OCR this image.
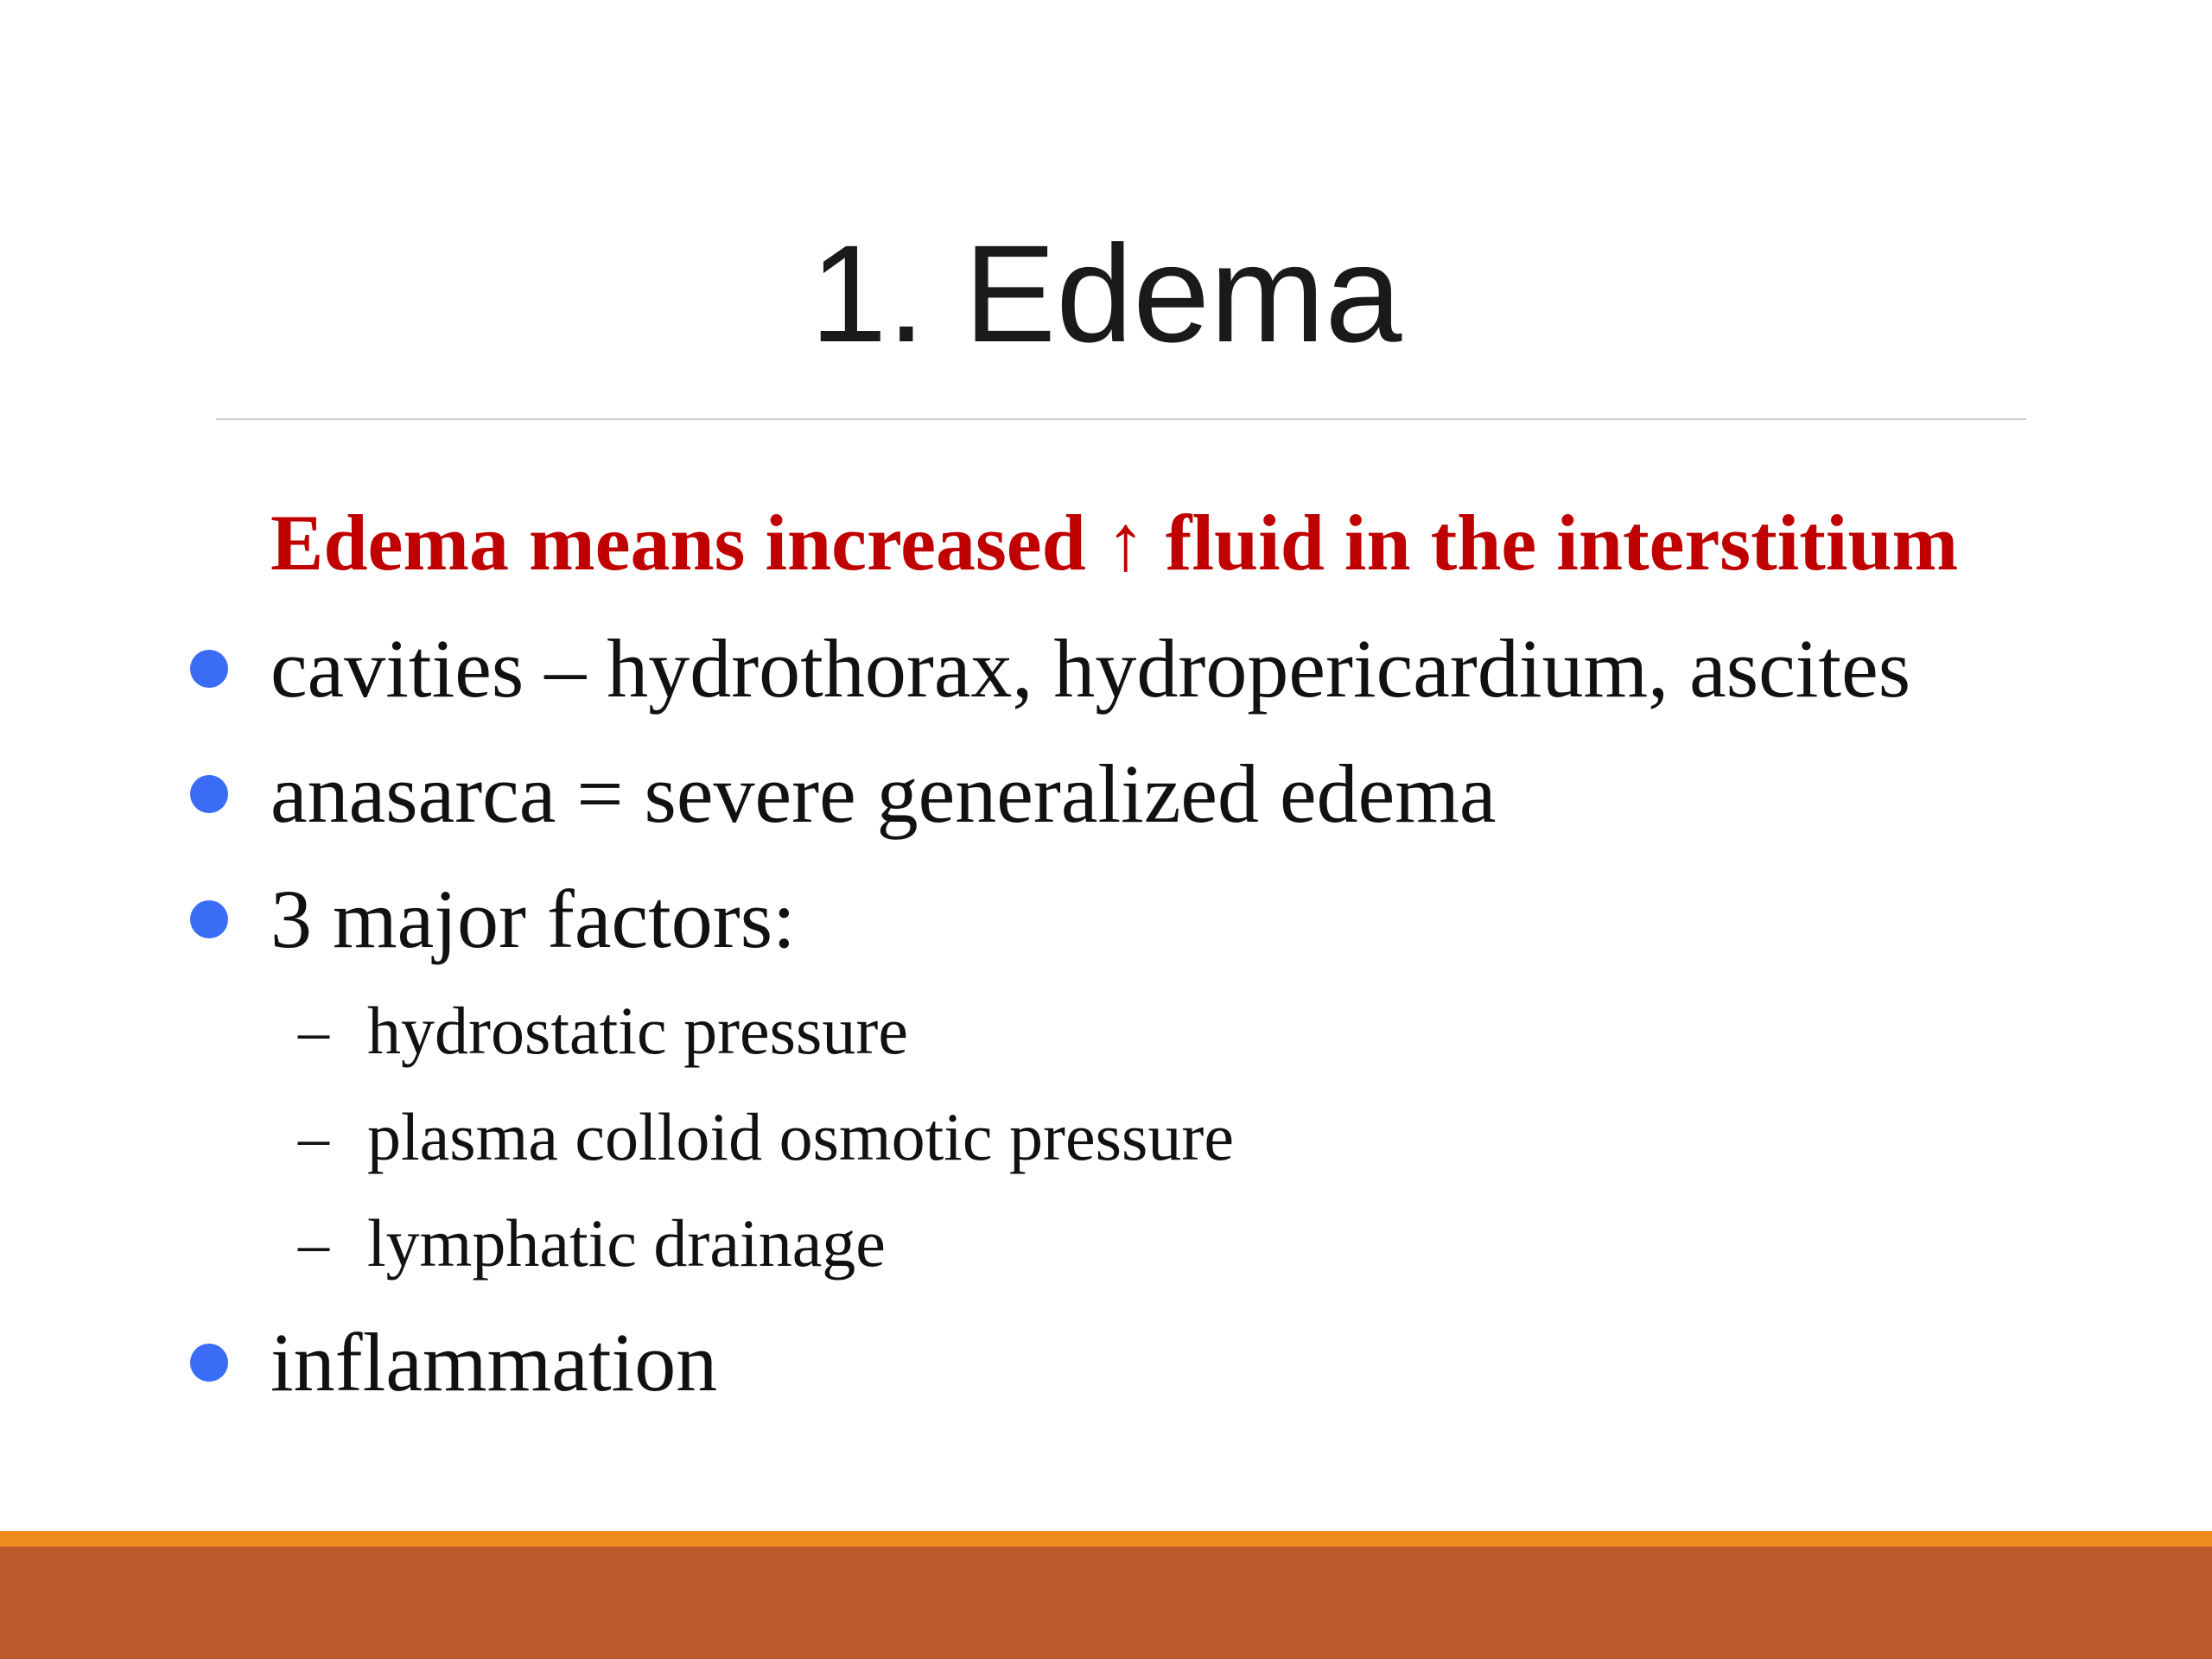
1. Edema
Edema means increased ↑ fluid in the interstitium
cavities – hydrothorax, hydropericardium, ascites
anasarca = severe generalized edema
3 major factors:
– hydrostatic pressure
– plasma colloid osmotic pressure
– lymphatic drainage
inflammation
